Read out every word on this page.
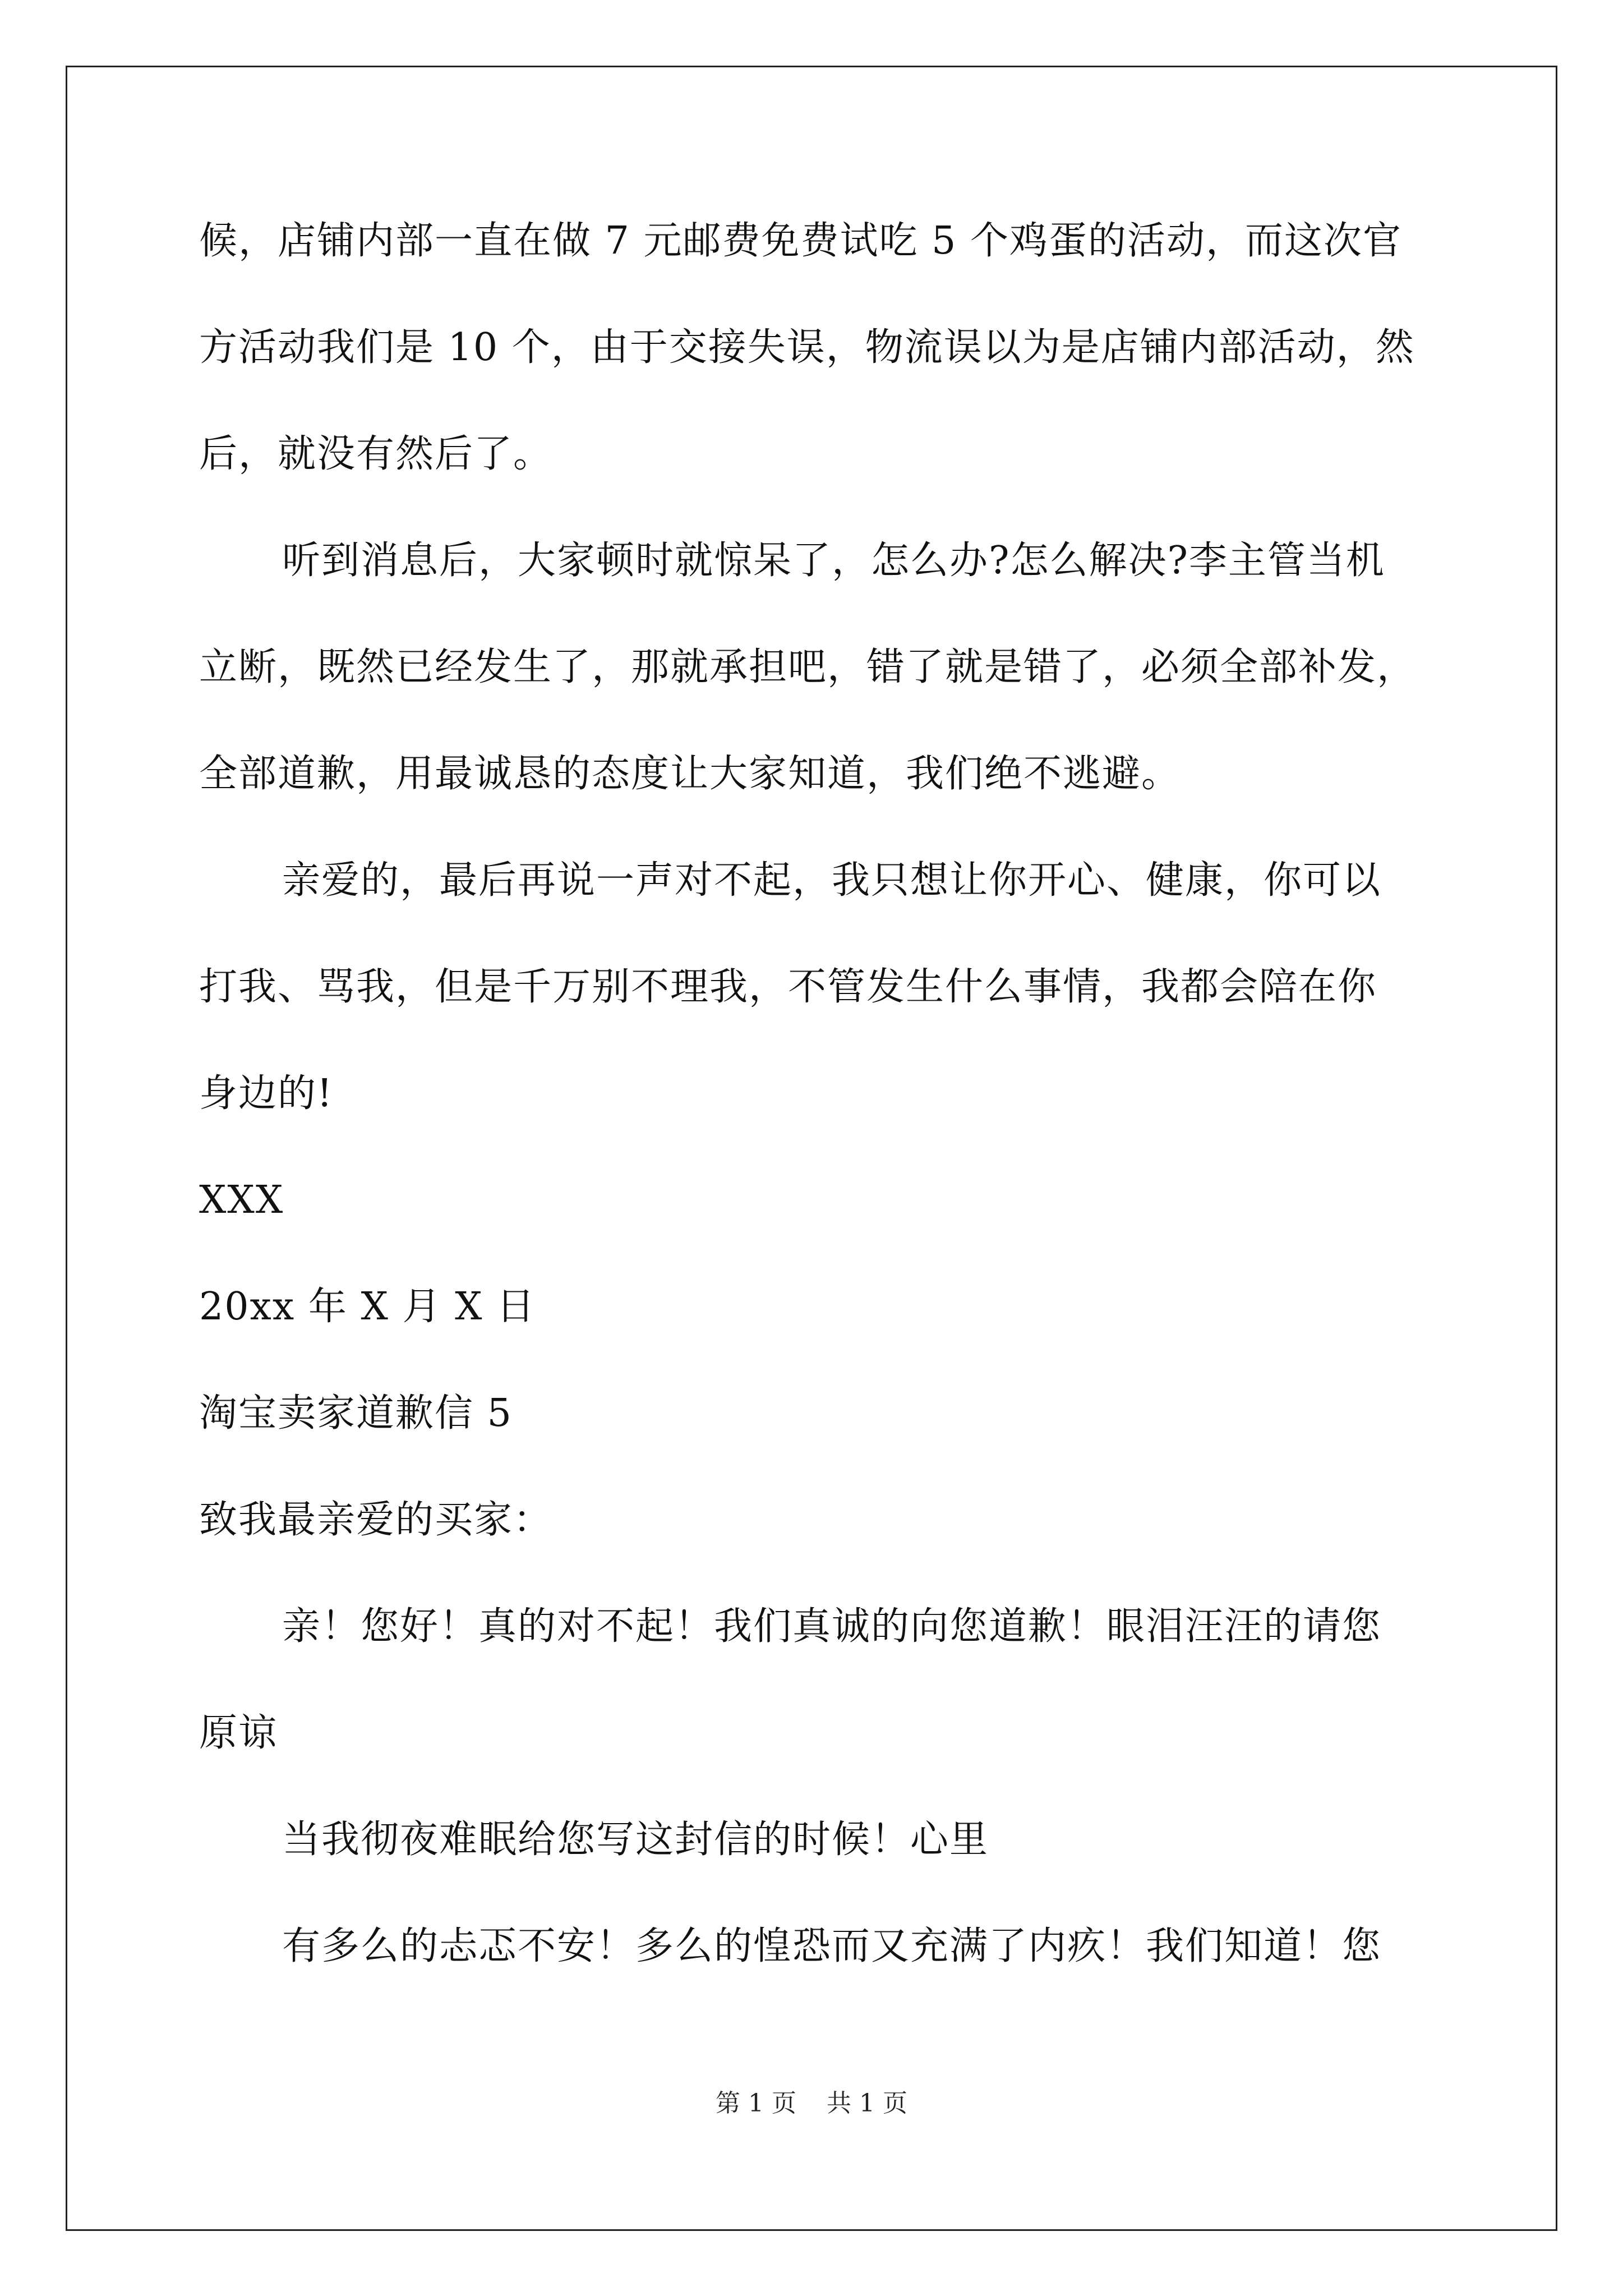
候，店铺内部一直在做 7 元邮费免费试吃 5 个鸡蛋的活动，而这次官
方活动我们是 10 个，由于交接失误，物流误以为是店铺内部活动，然
后，就没有然后了。
听到消息后，大家顿时就惊呆了，怎么办?怎么解决?李主管当机
立断，既然已经发生了，那就承担吧，错了就是错了，必须全部补发，
全部道歉，用最诚恳的态度让大家知道，我们绝不逃避。
亲爱的，最后再说一声对不起，我只想让你开心、健康，你可以
打我、骂我，但是千万别不理我，不管发生什么事情，我都会陪在你
身边的!
XXX
20xx 年 X 月 X 日
淘宝卖家道歉信 5
致我最亲爱的买家：
亲！您好！真的对不起！我们真诚的向您道歉！眼泪汪汪的请您
原谅
当我彻夜难眠给您写这封信的时候！心里
有多么的忐忑不安！多么的惶恐而又充满了内疚！我们知道！您
第 1 页 共 1 页
